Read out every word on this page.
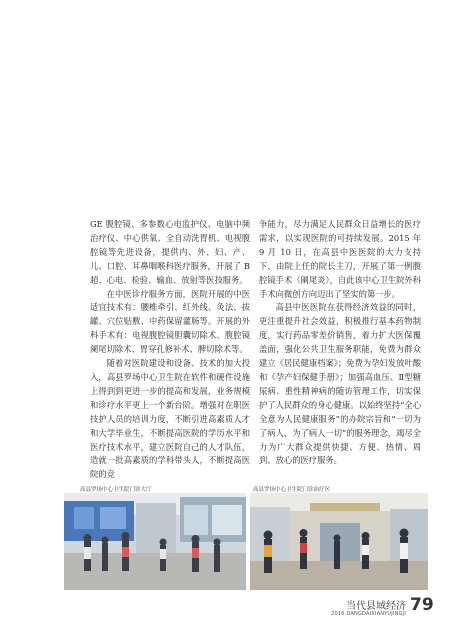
GE 腹腔镜、多参数心电监护仪、电脑中频治疗仪、中心供氧、全自动洗胃机、电视腹腔镜等先进设备，提供内、外、妇、产、儿、口腔、耳鼻咽喉科医疗服务，开展了 B 超、心电、检验、输血、放射等医技服务。

在中医诊疗服务方面，医院开展的中医适宜技术有：腰椎牵引、红外线、灸法、拔罐、穴位贴敷、中药保留灌肠等。开展的外科手术有：电视腹腔镜胆囊切除术、腹腔镜阑尾切除术、胃穿孔修补术、脾切除术等。

随着对医院建设和设备、技术的加大投入，高县罗场中心卫生院在软件和硬件设施上得到到更进一步的提高和发展，业务规模和诊疗水平更上一个新台阶。增强对在职医技护人员的培训力度，不断引进高素质人才和大学毕业生，不断提高医院的学历水平和医疗技术水平，建立医院自己的人才队伍，造就一批高素质的学科带头人，不断提高医院的竞

争能力，尽力满足人民群众日益增长的医疗需求，以实现医院的可持续发展。2015 年 9 月 10 日，在高县中医医院的大力支持下，由院上任的院长主刀，开展了第一例腹腔镜手术（阑尾炎），自此该中心卫生院外科手术向微创方向迈出了坚实的第一步。

高县中医医院在获得经济效益的同时，更注重提升社会效益，积极推行基本药物制度，实行药品零差价销售，着力扩大医保覆盖面，强化公共卫生服务职能，免费为群众建立《居民健康档案》；免费为孕妇发放叶酸和《孕产妇保健手册》；加强高血压、Ⅱ型糖尿病、重性精神病的随访管理工作，切实保护了人民群众的身心健康。以始终坚持“全心全意为人民健康服务”的办院宗旨和“一切为了病人，为了病人一切”的服务理念，竭尽全力为广大群众提供快捷、方便、热情、周到、放心的医疗服务。

高县罗场中心卫生院门诊大厅	高县罗场中心卫生院门诊治疗区
当代县域经济
2016 DANGDAIXIANYUJINGJI 79
